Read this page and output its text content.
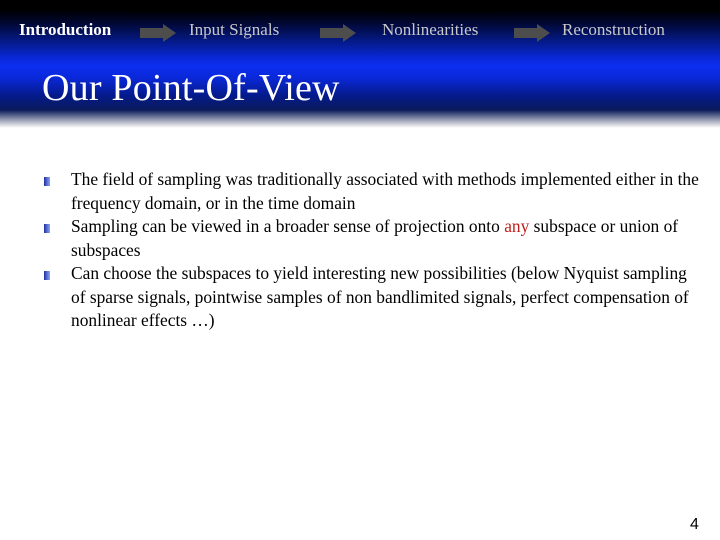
Introduction	Input Signals	Nonlinearities	Reconstruction
Our Point-Of-View
The field of sampling was traditionally associated with methods implemented either in the frequency domain, or in the time domain
Sampling can be viewed in a broader sense of projection onto any subspace or union of subspaces
Can choose the subspaces to yield interesting new possibilities (below Nyquist sampling of sparse signals, pointwise samples of non bandlimited signals, perfect compensation of nonlinear effects …)
4
